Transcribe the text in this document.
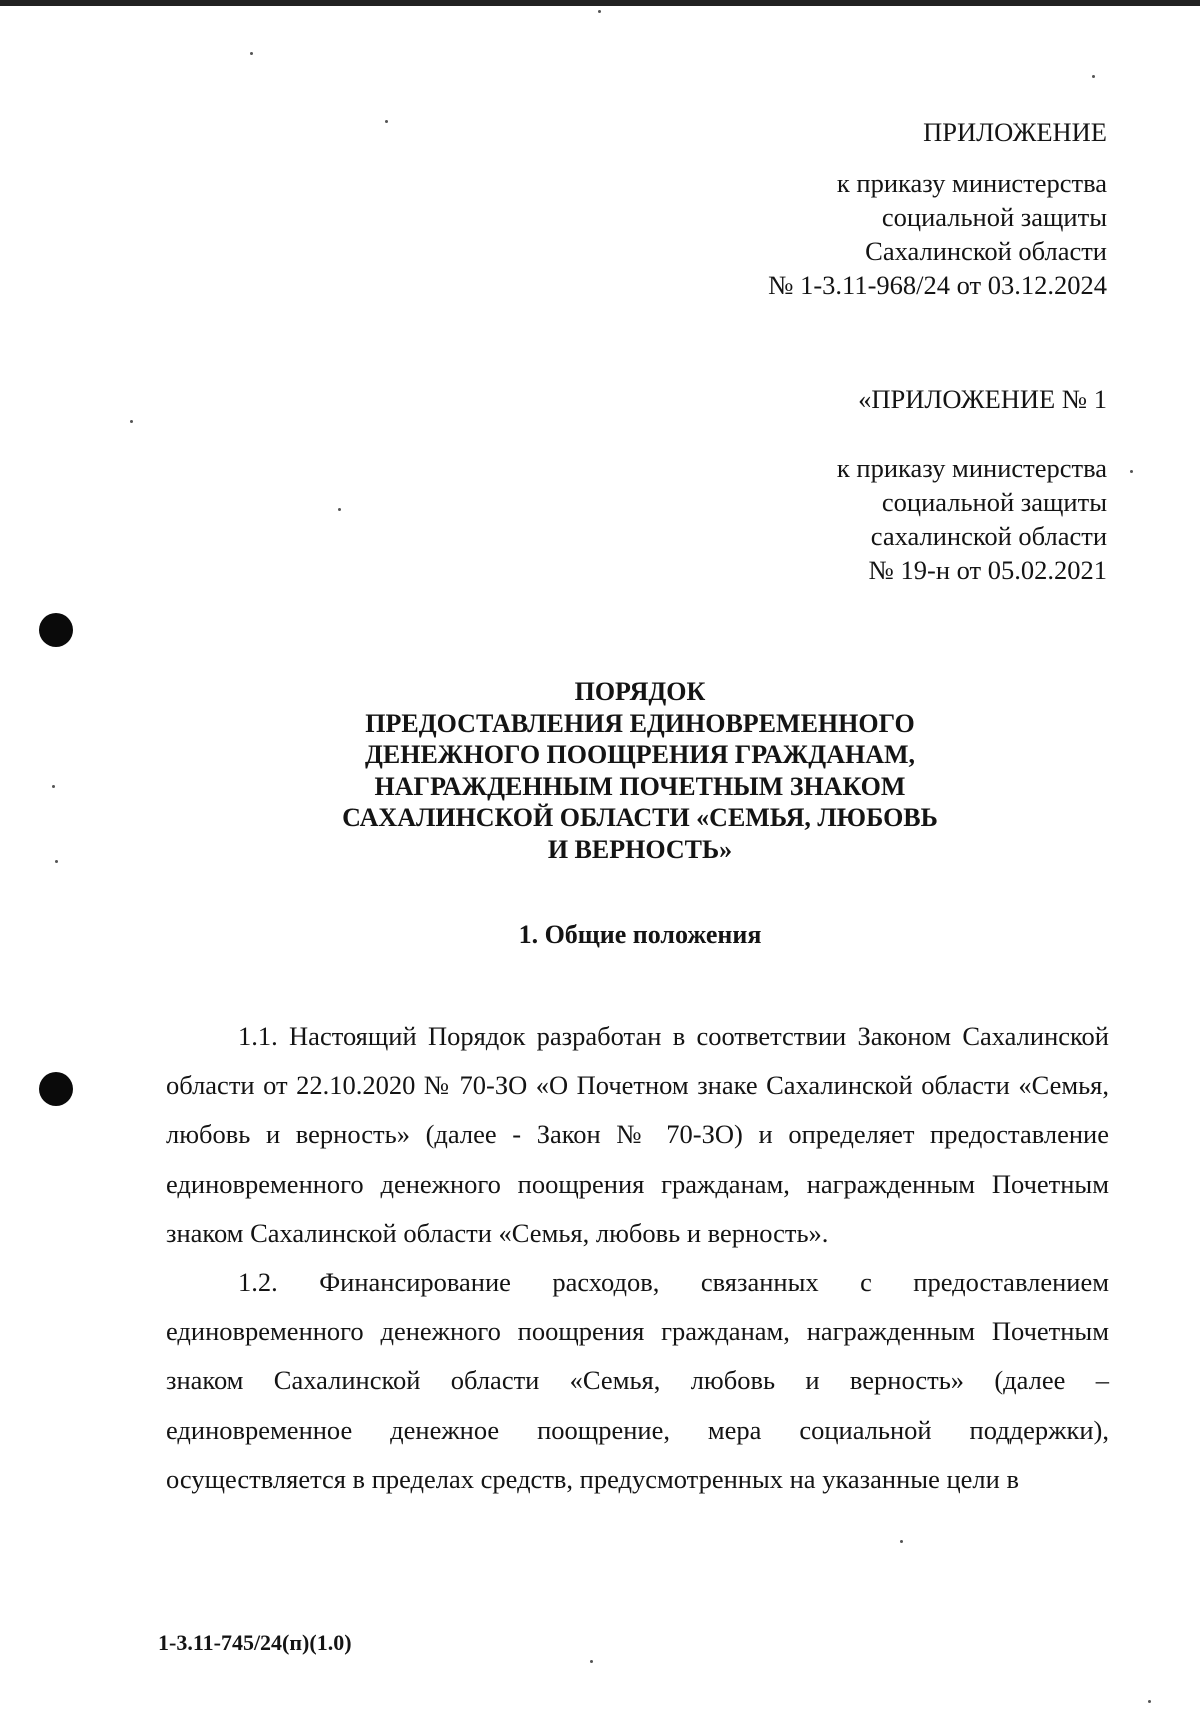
ПРИЛОЖЕНИЕ
к приказу министерства
социальной защиты
Сахалинской области
№ 1-3.11-968/24 от 03.12.2024
«ПРИЛОЖЕНИЕ № 1
к приказу министерства
социальной защиты
сахалинской области
№ 19-н от 05.02.2021
ПОРЯДОК
ПРЕДОСТАВЛЕНИЯ ЕДИНОВРЕМЕННОГО
ДЕНЕЖНОГО ПООЩРЕНИЯ ГРАЖДАНАМ,
НАГРАЖДЕННЫМ ПОЧЕТНЫМ ЗНАКОМ
САХАЛИНСКОЙ ОБЛАСТИ «СЕМЬЯ, ЛЮБОВЬ
И ВЕРНОСТЬ»
1. Общие положения

1.1. Настоящий Порядок разработан в соответствии Законом Сахалинской области от 22.10.2020 № 70-ЗО «О Почетном знаке Сахалинской области «Семья, любовь и верность» (далее - Закон № 70-ЗО) и определяет предоставление единовременного денежного поощрения гражданам, награжденным Почетным знаком Сахалинской области «Семья, любовь и верность».

1.2. Финансирование расходов, связанных с предоставлением единовременного денежного поощрения гражданам, награжденным Почетным знаком Сахалинской области «Семья, любовь и верность» (далее – единовременное денежное поощрение, мера социальной поддержки), осуществляется в пределах средств, предусмотренных на указанные цели в

1-3.11-745/24(п)(1.0)
